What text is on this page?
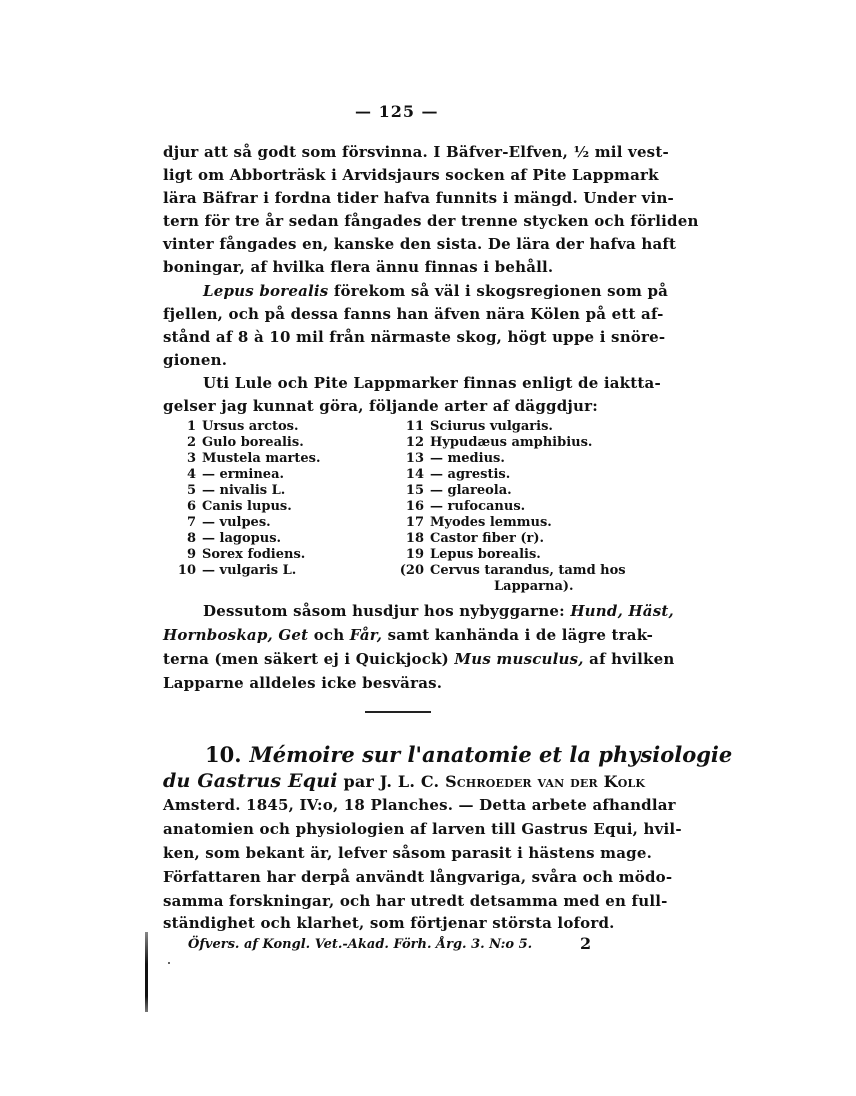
— 125 —
djur att så godt som försvinna. I Bäfver-Elfven, ½ mil vest-
ligt om Abborträsk i Arvidsjaurs socken af Pite Lappmark
lära Bäfrar i fordna tider hafva funnits i mängd. Under vin-
tern för tre år sedan fångades der trenne stycken och förliden
vinter fångades en, kanske den sista. De lära der hafva haft
boningar, af hvilka flera ännu finnas i behåll.
Lepus borealis förekom så väl i skogsregionen som på
fjellen, och på dessa fanns han äfven nära Kölen på ett af-
stånd af 8 à 10 mil från närmaste skog, högt uppe i snöre-
gionen.
Uti Lule och Pite Lappmarker finnas enligt de iaktta-
gelser jag kunnat göra, följande arter af däggdjur:
1 Ursus arctos.
2 Gulo borealis.
3 Mustela martes.
4 — ermineа.
5 — nivalis L.
6 Canis lupus.
7 — vulpes.
8 — lagopus.
9 Sorex fodiens.
10 — vulgaris L.
11 Sciurus vulgaris.
12 Hypudæus amphibius.
13 — medius.
14 — agrestis.
15 — glareola.
16 — rufocanus.
17 Myodes lemmus.
18 Castor fiber (r).
19 Lepus borealis.
(20 Cervus tarandus, tamd hos
Lapparna).
Dessutom såsom husdjur hos nybyggarne: Hund, Häst,
Hornboskap, Get och Får, samt kanhända i de lägre trak-
terna (men säkert ej i Quickjock) Mus musculus, af hvilken
Lapparne alldeles icke besväras.
10. Mémoire sur l'anatomie et la physiologie
du Gastrus Equi par J. L. C. Schroeder van der Kolk
Amsterd. 1845, IV:o, 18 Planches. — Detta arbete afhandlar
anatomien och physiologien af larven till Gastrus Equi, hvil-
ken, som bekant är, lefver såsom parasit i hästens mage.
Författaren har derpå användt långvariga, svåra och mödo-
samma forskningar, och har utredt detsamma med en full-
ständighet och klarhet, som förtjenar största loford.
Öfvers. af Kongl. Vet.-Akad. Förh. Årg. 3. N:o 5.	2
